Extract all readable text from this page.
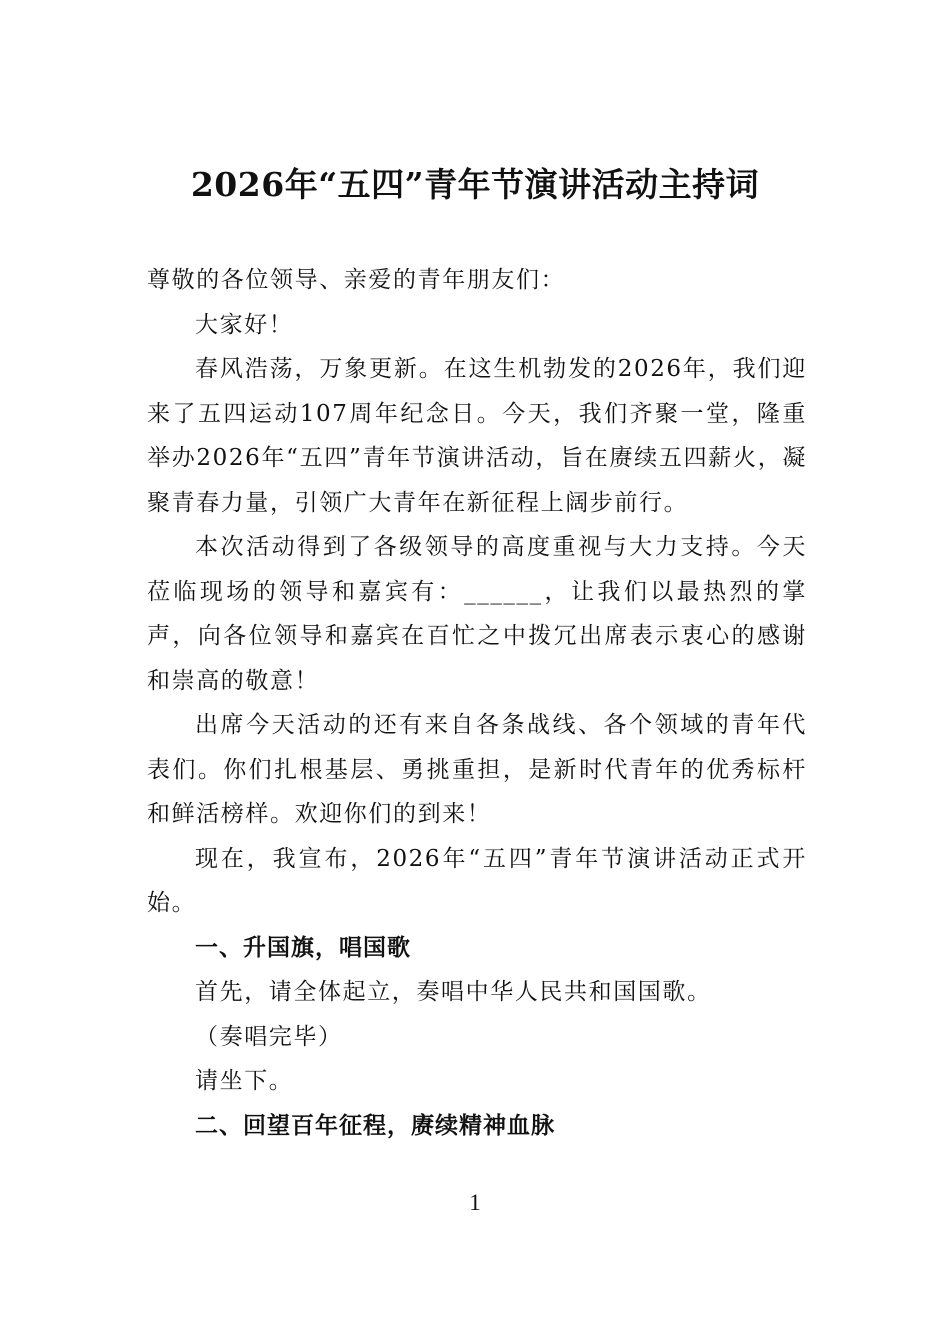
2026年“五四”青年节演讲活动主持词

尊敬的各位领导、亲爱的青年朋友们：

大家好！

春风浩荡，万象更新。在这生机勃发的2026年，我们迎来了五四运动107周年纪念日。今天，我们齐聚一堂，隆重举办2026年“五四”青年节演讲活动，旨在赓续五四薪火，凝聚青春力量，引领广大青年在新征程上阔步前行。

本次活动得到了各级领导的高度重视与大力支持。今天莅临现场的领导和嘉宾有：______，让我们以最热烈的掌声，向各位领导和嘉宾在百忙之中拨冗出席表示衷心的感谢和崇高的敬意！

出席今天活动的还有来自各条战线、各个领域的青年代表们。你们扎根基层、勇挑重担，是新时代青年的优秀标杆和鲜活榜样。欢迎你们的到来！

现在，我宣布，2026年“五四”青年节演讲活动正式开始。

一、升国旗，唱国歌

首先，请全体起立，奏唱中华人民共和国国歌。

（奏唱完毕）

请坐下。

二、回望百年征程，赓续精神血脉

1
